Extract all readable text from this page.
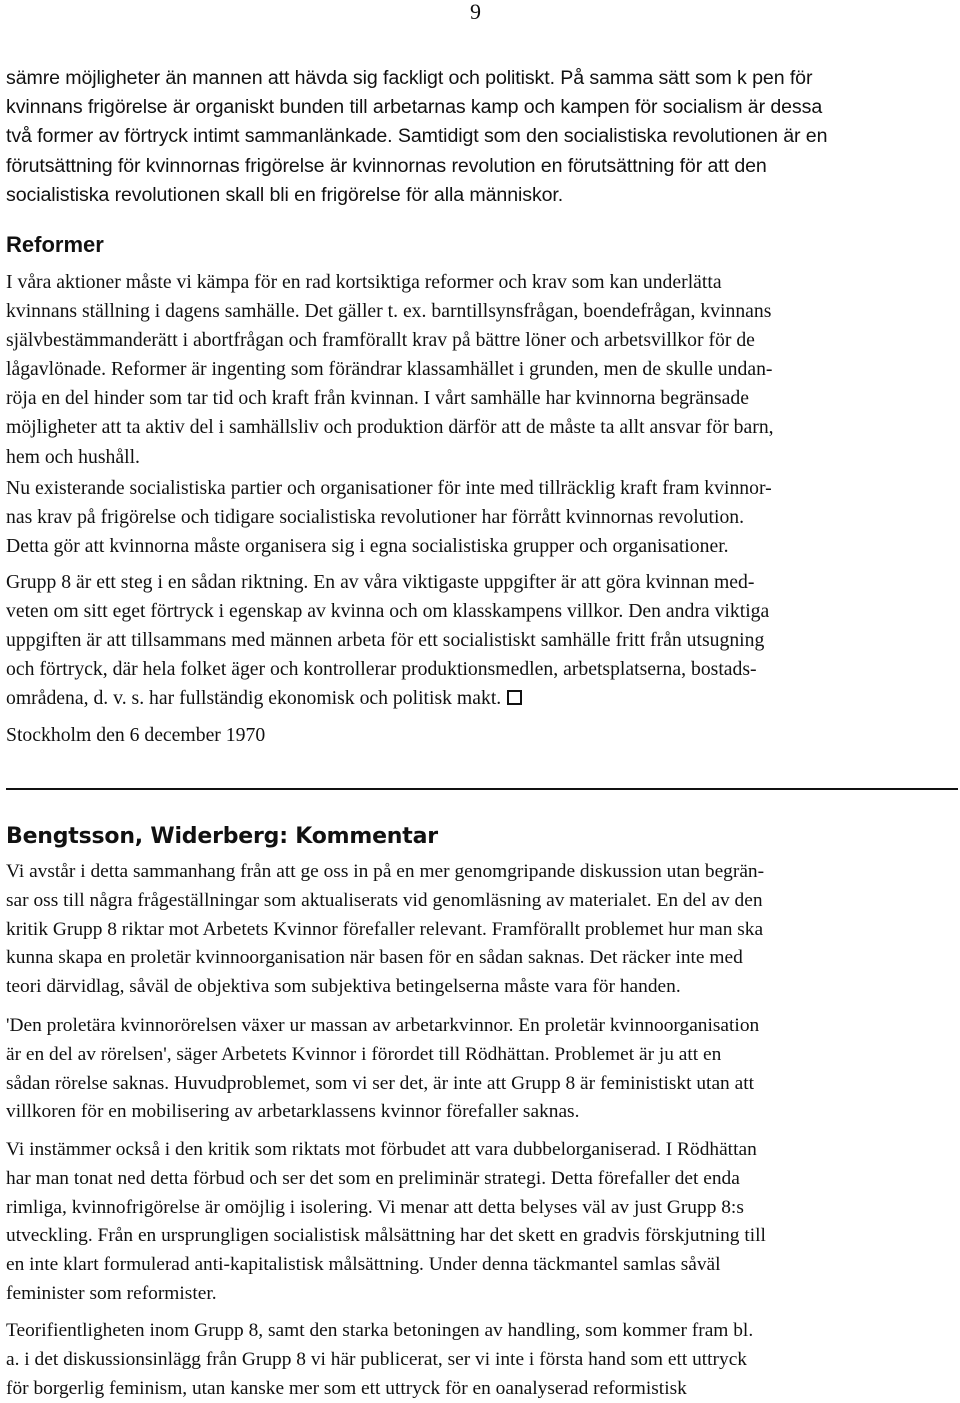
9
sämre möjligheter än mannen att hävda sig fackligt och politiskt. På samma sätt som k pen för
kvinnans frigörelse är organiskt bunden till arbetarnas kamp och kampen för socialism är dessa
två former av förtryck intimt sammanlänkade. Samtidigt som den socialistiska revolutionen är en
förutsättning för kvinnornas frigörelse är kvinnornas revolution en förutsättning för att den
socialistiska revolutionen skall bli en frigörelse för alla människor.
Reformer
I våra aktioner måste vi kämpa för en rad kortsiktiga reformer och krav som kan underlätta
kvinnans ställning i dagens samhälle. Det gäller t. ex. barntillsynsfrågan, boendefrågan, kvinnans
självbestämmanderätt i abortfrågan och framförallt krav på bättre löner och arbetsvillkor för de
lågavlönade. Reformer är ingenting som förändrar klassamhället i grunden, men de skulle undan-
röja en del hinder som tar tid och kraft från kvinnan. I vårt samhälle har kvinnorna begränsade
möjligheter att ta aktiv del i samhällsliv och produktion därför att de måste ta allt ansvar för barn,
hem och hushåll.
Nu existerande socialistiska partier och organisationer för inte med tillräcklig kraft fram kvinnor-
nas krav på frigörelse och tidigare socialistiska revolutioner har förrått kvinnornas revolution.
Detta gör att kvinnorna måste organisera sig i egna socialistiska grupper och organisationer.
Grupp 8 är ett steg i en sådan riktning. En av våra viktigaste uppgifter är att göra kvinnan med-
veten om sitt eget förtryck i egenskap av kvinna och om klasskampens villkor. Den andra viktiga
uppgiften är att tillsammans med männen arbeta för ett socialistiskt samhälle fritt från utsugning
och förtryck, där hela folket äger och kontrollerar produktionsmedlen, arbetsplatserna, bostads-
områdena, d. v. s. har fullständig ekonomisk och politisk makt.
Stockholm den 6 december 1970
Bengtsson, Widerberg: Kommentar
Vi avstår i detta sammanhang från att ge oss in på en mer genomgripande diskussion utan begrän-
sar oss till några frågeställningar som aktualiserats vid genomläsning av materialet. En del av den
kritik Grupp 8 riktar mot Arbetets Kvinnor förefaller relevant. Framförallt problemet hur man ska
kunna skapa en proletär kvinnoorganisation när basen för en sådan saknas. Det räcker inte med
teori därvidlag, såväl de objektiva som subjektiva betingelserna måste vara för handen.
'Den proletära kvinnorörelsen växer ur massan av arbetarkvinnor. En proletär kvinnoorganisation
är en del av rörelsen', säger Arbetets Kvinnor i förordet till Rödhättan. Problemet är ju att en
sådan rörelse saknas. Huvudproblemet, som vi ser det, är inte att Grupp 8 är feministiskt utan att
villkoren för en mobilisering av arbetarklassens kvinnor förefaller saknas.
Vi instämmer också i den kritik som riktats mot förbudet att vara dubbelorganiserad. I Rödhättan
har man tonat ned detta förbud och ser det som en preliminär strategi. Detta förefaller det enda
rimliga, kvinnofrigörelse är omöjlig i isolering. Vi menar att detta belyses väl av just Grupp 8:s
utveckling. Från en ursprungligen socialistisk målsättning har det skett en gradvis förskjutning till
en inte klart formulerad anti-kapitalistisk målsättning. Under denna täckmantel samlas såväl
feminister som reformister.
Teorifientligheten inom Grupp 8, samt den starka betoningen av handling, som kommer fram bl.
a. i det diskussionsinlägg från Grupp 8 vi här publicerat, ser vi inte i första hand som ett uttryck
för borgerlig feminism, utan kanske mer som ett uttryck för en oanalyserad reformistisk
